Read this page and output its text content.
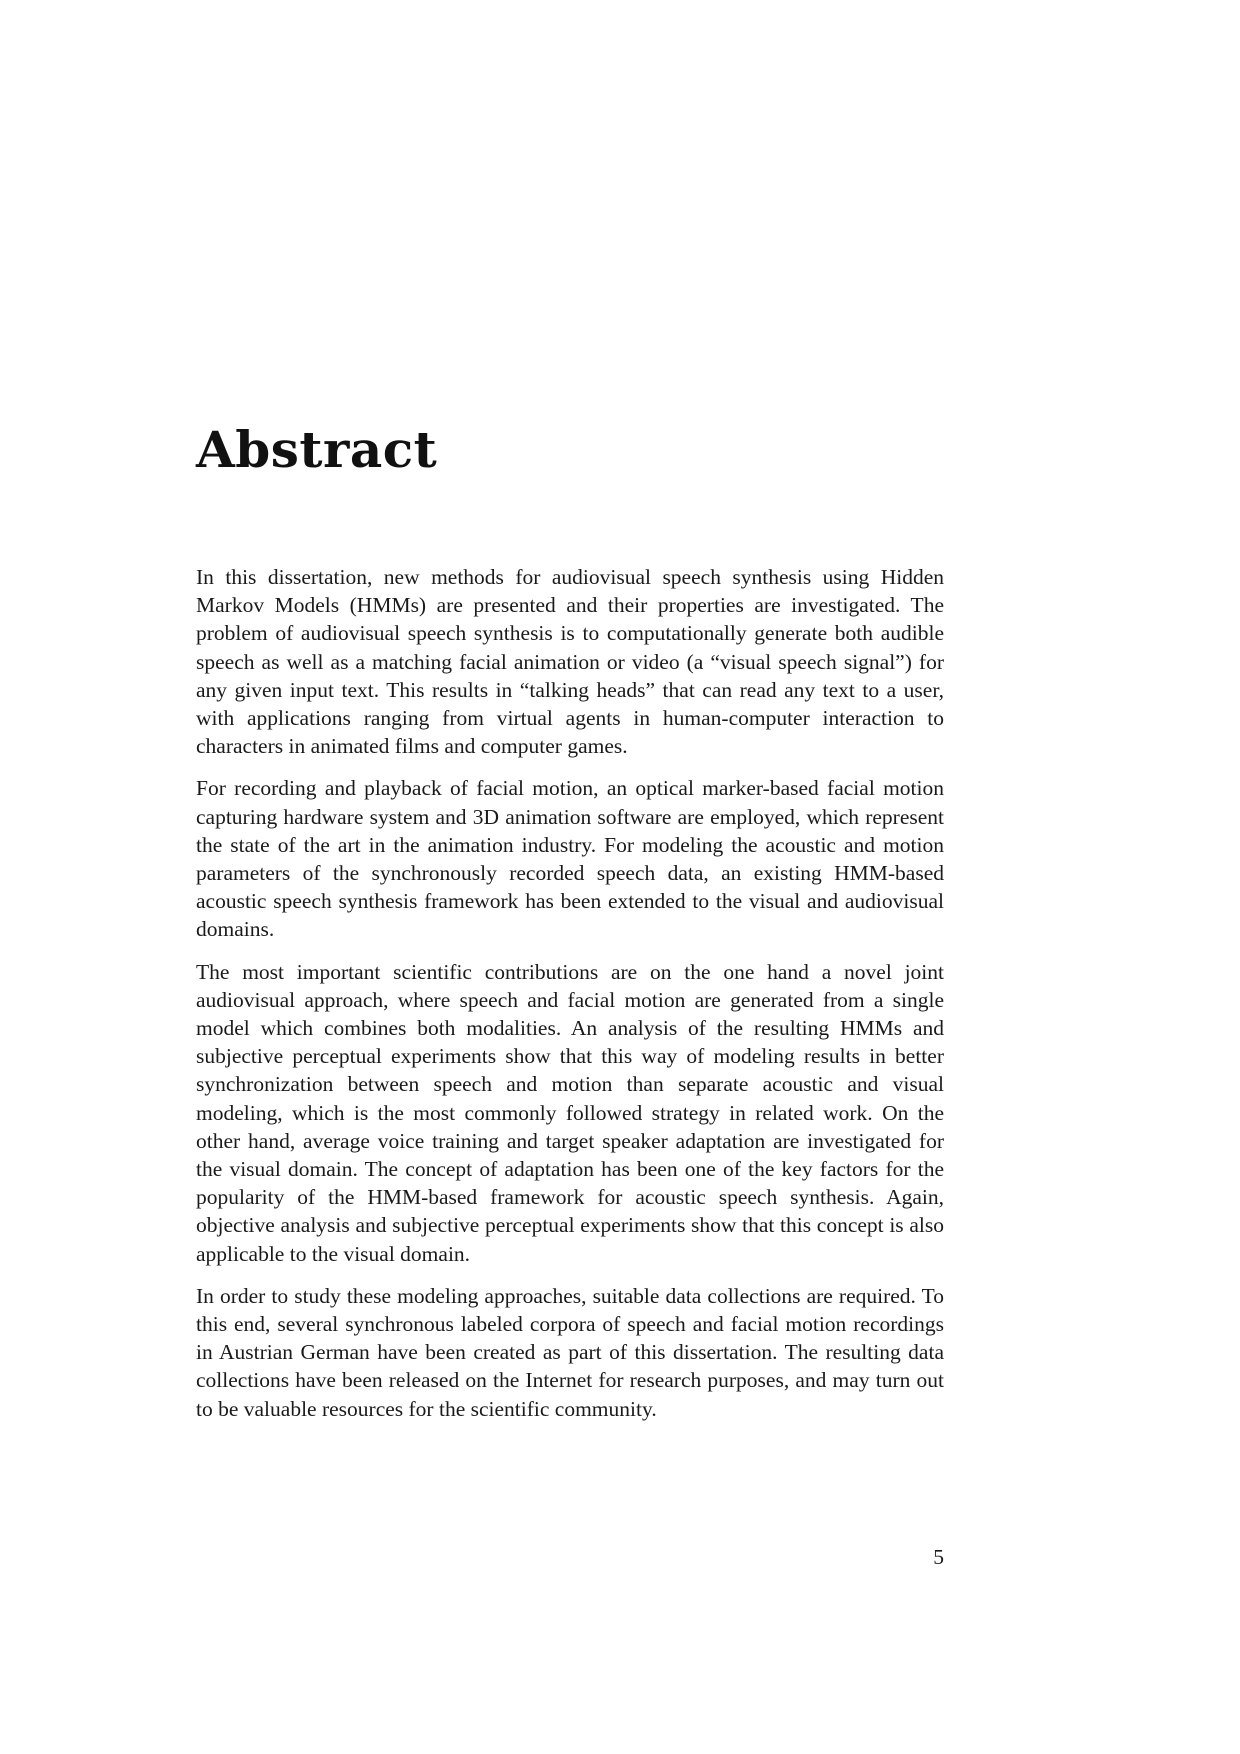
Abstract

In this dissertation, new methods for audiovisual speech synthesis using Hidden Markov Models (HMMs) are presented and their properties are investigated. The problem of audiovisual speech synthesis is to computationally generate both audible speech as well as a matching facial animation or video (a “visual speech signal”) for any given input text. This results in “talking heads” that can read any text to a user, with applications ranging from virtual agents in human-computer interaction to characters in animated films and computer games.

For recording and playback of facial motion, an optical marker-based facial motion capturing hardware system and 3D animation software are employed, which represent the state of the art in the animation industry. For modeling the acoustic and motion parameters of the synchronously recorded speech data, an existing HMM-based acoustic speech synthesis framework has been extended to the visual and audiovisual domains.

The most important scientific contributions are on the one hand a novel joint audiovisual approach, where speech and facial motion are generated from a single model which combines both modalities. An analysis of the resulting HMMs and subjective perceptual experiments show that this way of modeling results in better synchronization between speech and motion than separate acoustic and visual modeling, which is the most commonly followed strategy in related work. On the other hand, average voice training and target speaker adaptation are investigated for the visual domain. The concept of adaptation has been one of the key factors for the popularity of the HMM-based framework for acoustic speech synthesis. Again, objective analysis and subjective perceptual experiments show that this concept is also applicable to the visual domain.

In order to study these modeling approaches, suitable data collections are required. To this end, several synchronous labeled corpora of speech and facial motion recordings in Austrian German have been created as part of this dissertation. The resulting data collections have been released on the Internet for research purposes, and may turn out to be valuable resources for the scientific community.

5
